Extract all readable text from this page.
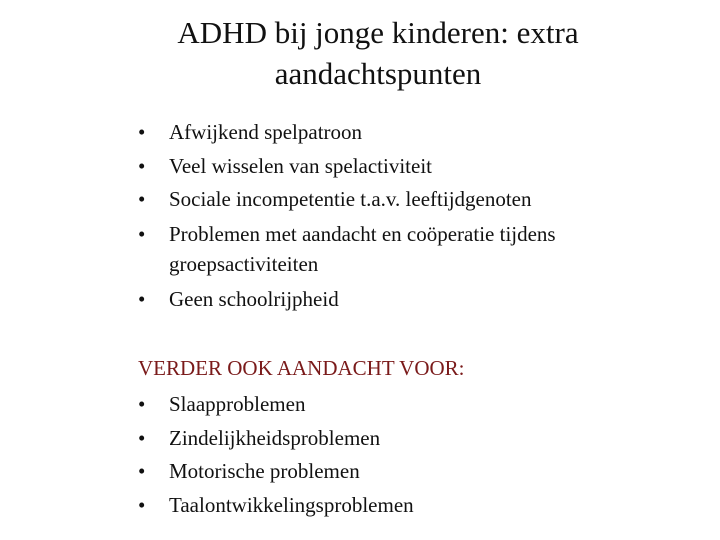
ADHD bij jonge kinderen: extra
aandachtspunten
• Afwijkend spelpatroon
• Veel wisselen van spelactiviteit
• Sociale incompetentie t.a.v. leeftijdgenoten
• Problemen met aandacht en coöperatie tijdens
groepsactiviteiten
• Geen schoolrijpheid
VERDER OOK AANDACHT VOOR:
• Slaapproblemen
• Zindelijkheidsproblemen
• Motorische problemen
• Taalontwikkelingsproblemen
